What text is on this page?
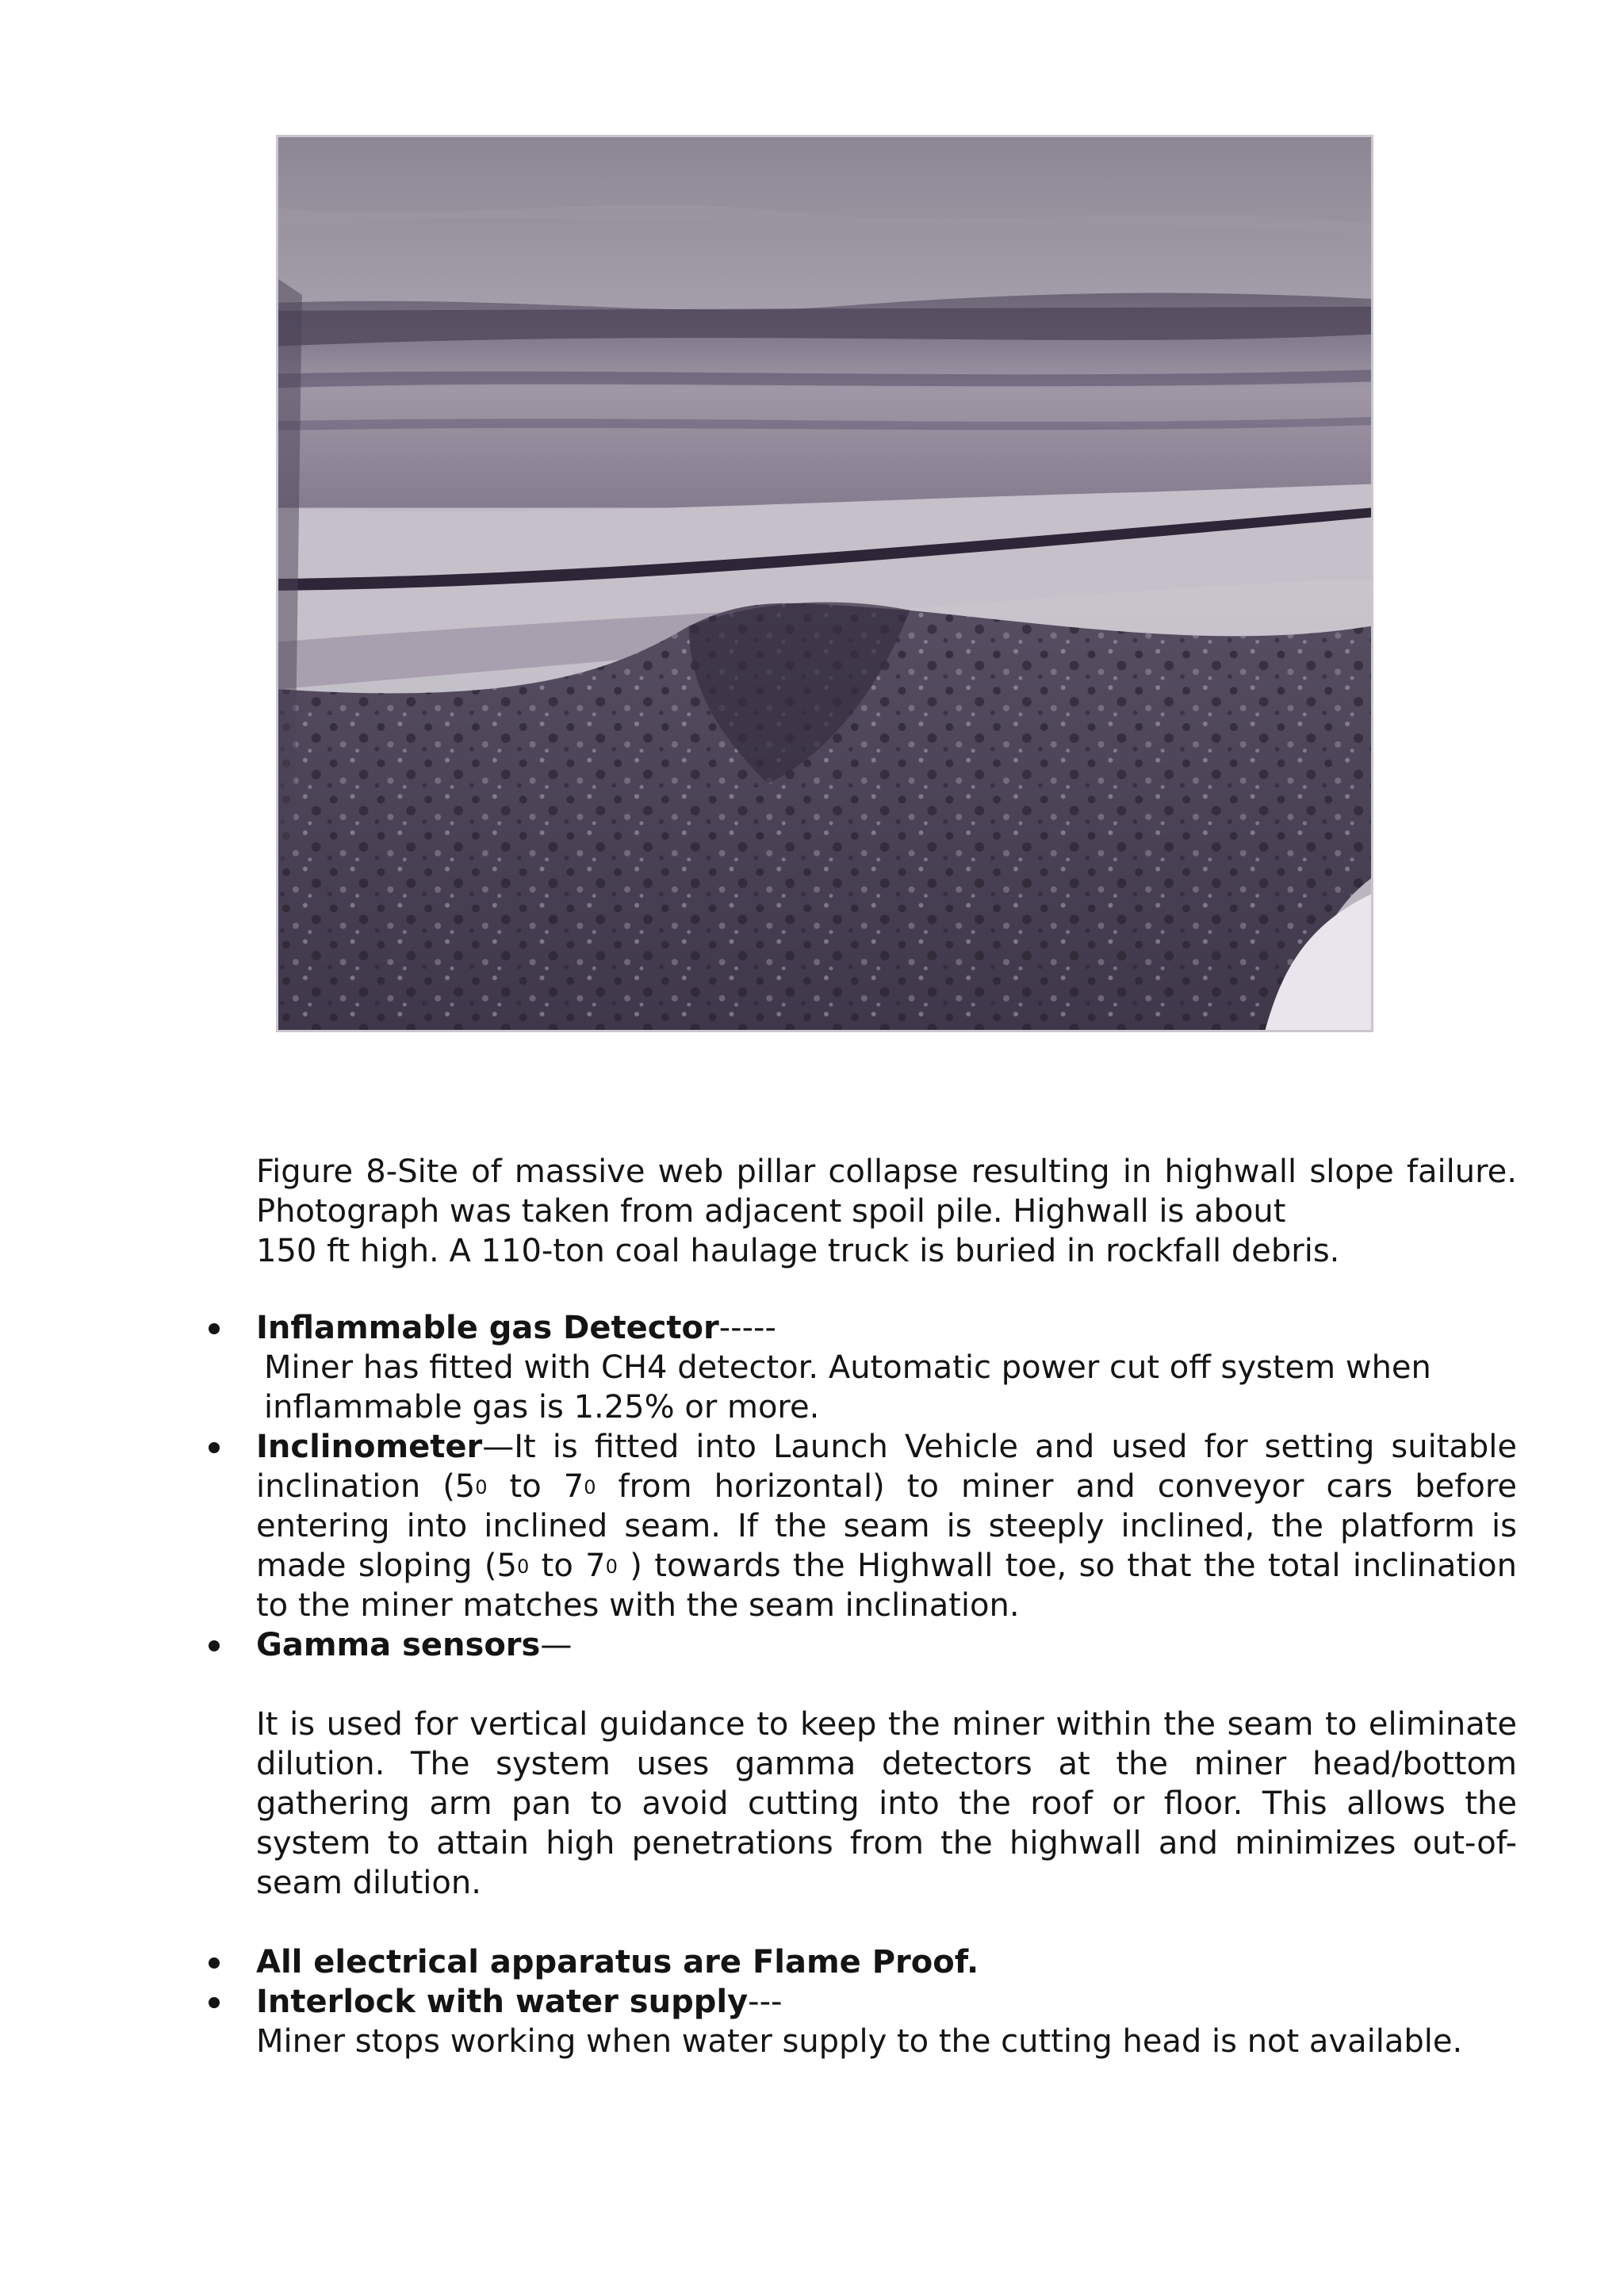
Figure 8-Site of massive web pillar collapse resulting in highwall slope failure. Photograph was taken from adjacent spoil pile. Highwall is about
150 ft high. A 110-ton coal haulage truck is buried in rockfall debris.
Inflammable gas Detector-----
Miner has fitted with CH4 detector. Automatic power cut off system when inflammable gas is 1.25% or more.
Inclinometer—It is fitted into Launch Vehicle and used for setting suitable inclination ($5^0$ to $7^0$ from horizontal) to miner and conveyor cars before entering into inclined seam. If the seam is steeply inclined, the platform is made sloping ($5^0$ to $7^0$ ) towards the Highwall toe, so that the total inclination to the miner matches with the seam inclination.
Gamma sensors—
It is used for vertical guidance to keep the miner within the seam to eliminate dilution. The system uses gamma detectors at the miner head/bottom gathering arm pan to avoid cutting into the roof or floor. This allows the system to attain high penetrations from the highwall and minimizes out-of-seam dilution.
All electrical apparatus are Flame Proof.
Interlock with water supply---
Miner stops working when water supply to the cutting head is not available.
